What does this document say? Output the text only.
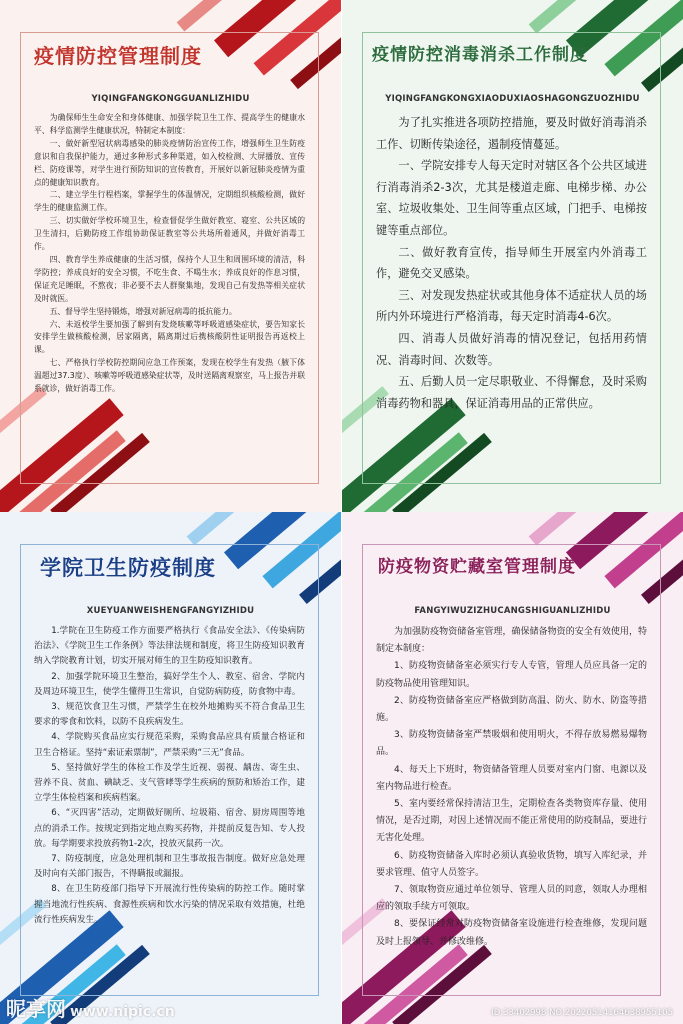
疫情防控管理制度
YIQINGFANGKONGGUANLIZHIDU

为确保师生生命安全和身体健康、加强学院卫生工作、提高学生的健康水平、科学监测学生健康状况，特制定本制度：

一、做好新型冠状病毒感染的肺炎疫情防治宣传工作，增强师生卫生防疫意识和自我保护能力，通过多种形式多种渠道，如入校检测、大屏播放、宣传栏、防疫课等，对学生进行预防知识的宣传教育，开展好以新冠肺炎疫情为重点的健康知识教育。

二、建立学生行程档案，掌握学生的体温情况，定期组织核酸检测，做好学生的健康监测工作。

三、切实做好学校环境卫生，检查督促学生做好教室、寝室、公共区域的卫生清扫，后勤防疫工作组协助保证教室等公共场所着通风，并做好消毒工作。

四、教育学生养成健康的生活习惯，保持个人卫生和周围环境的清洁，科学防控；养成良好的安全习惯，不吃生食、不喝生水；养成良好的作息习惯，保证充足睡眠，不熬夜；非必要不去人群聚集地，发现自己有发热等相关症状及时就医。

五、督导学生坚持锻炼，增强对新冠病毒的抵抗能力。

六、未返校学生要加强了解到有发烧咳嗽等呼吸道感染症状，要告知家长安排学生做核酸检测，居家隔离，隔离期过后携核酸阴性证明报告再返校上课。

七、严格执行学校防控期间应急工作预案，发现在校学生有发热（腋下体温超过37.3度）、咳嗽等呼吸道感染症状等，及时送隔离观察室，马上报告并联系就诊，做好消毒工作。

疫情防控消毒消杀工作制度
YIQINGFANGKONGXIAODUXIAOSHAGONGZUOZHIDU

为了扎实推进各项防控措施，要及时做好消毒消杀工作、切断传染途径，遏制疫情蔓延。

一、学院安排专人每天定时对辖区各个公共区域进行消毒消杀2-3次，尤其是楼道走廊、电梯步梯、办公室、垃圾收集处、卫生间等重点区域，门把手、电梯按键等重点部位。

二、做好教育宣传，指导师生开展室内外消毒工作，避免交叉感染。

三、对发现发热症状或其他身体不适症状人员的场所内外环境进行严格消毒，每天定时消毒4-6次。

四、消毒人员做好消毒的情况登记，包括用药情况、消毒时间、次数等。

五、后勤人员一定尽职敬业、不得懈怠，及时采购消毒药物和器具，保证消毒用品的正常供应。

学院卫生防疫制度
XUEYUANWEISHENGFANGYIZHIDU

1.学院在卫生防疫工作方面要严格执行《食品安全法》、《传染病防治法》、《学院卫生工作条例》等法律法规和制度，将卫生防疫知识教育纳入学院教育计划，切实开展对师生的卫生防疫知识教育。

2、加强学院环境卫生整治，搞好学生个人、教室、宿舍、学院内及周边环境卫生，使学生懂得卫生常识，自觉防病防疫，防食物中毒。

3、规范饮食卫生习惯，严禁学生在校外地摊购买不符合食品卫生要求的零食和饮料，以防不良疾病发生。

4、学院购买食品应实行规范采购，采购食品应具有质量合格证和卫生合格证。坚持“索证索票制”，严禁采购“三无”食品。

5、坚持做好学生的体检工作及学生近视、弱视、龋齿、寄生虫、营养不良、贫血、碘缺乏、支气管哮等学生疾病的预防和矫治工作，建立学生体检档案和疾病档案。

6、“灭四害”活动，定期做好厕所、垃圾箱、宿舍、厨房周围等地点的消杀工作。按规定到指定地点购买药物，并提前反复告知、专人投放。每学期要求投放药物1-2次，投放灭鼠药一次。

7、防疫制度，应急处理机制和卫生事故报告制度。做好应急处理及时向有关部门报告，不得瞒报或漏报。

8、在卫生防疫部门指导下开展流行性传染病的防控工作。随时掌握当地流行性疾病、食源性疾病和饮水污染的情况采取有效措施，杜绝流行性疾病发生。

防疫物资贮藏室管理制度
FANGYIWUZIZHUCANGSHIGUANLIZHIDU

为加强防疫物资储备室管理，确保储备物资的安全有效使用，特制定本制度：

1、防疫物资储备室必须实行专人专管，管理人员应具备一定的防疫物品使用管理知识。

2、防疫物资储备室应严格做到防高温、防火、防水、防盗等措施。

3、防疫物资储备室严禁吸烟和使用明火，不得存放易燃易爆物品。

4、每天上下班时，物资储备管理人员要对室内门窗、电源以及室内物品进行检查。

5、室内要经常保持清洁卫生，定期检查各类物资库存量、使用情况，是否过期，对因上述情况而不能正常使用的防疫制品，要进行无害化处理。

6、防疫物资储备入库时必须认真验收货物，填写入库纪录，并要求管理、值守人员签字。

7、领取物资应通过单位领导、管理人员的同意，领取人办理相应的领取手续方可领取。

8、要保证经常对防疫物资储备室设施进行检查维修，发现问题及时上报领导、并修改维修。

昵享网 www.nipic.cn	ID:33402998 NO:20220514164638955105
